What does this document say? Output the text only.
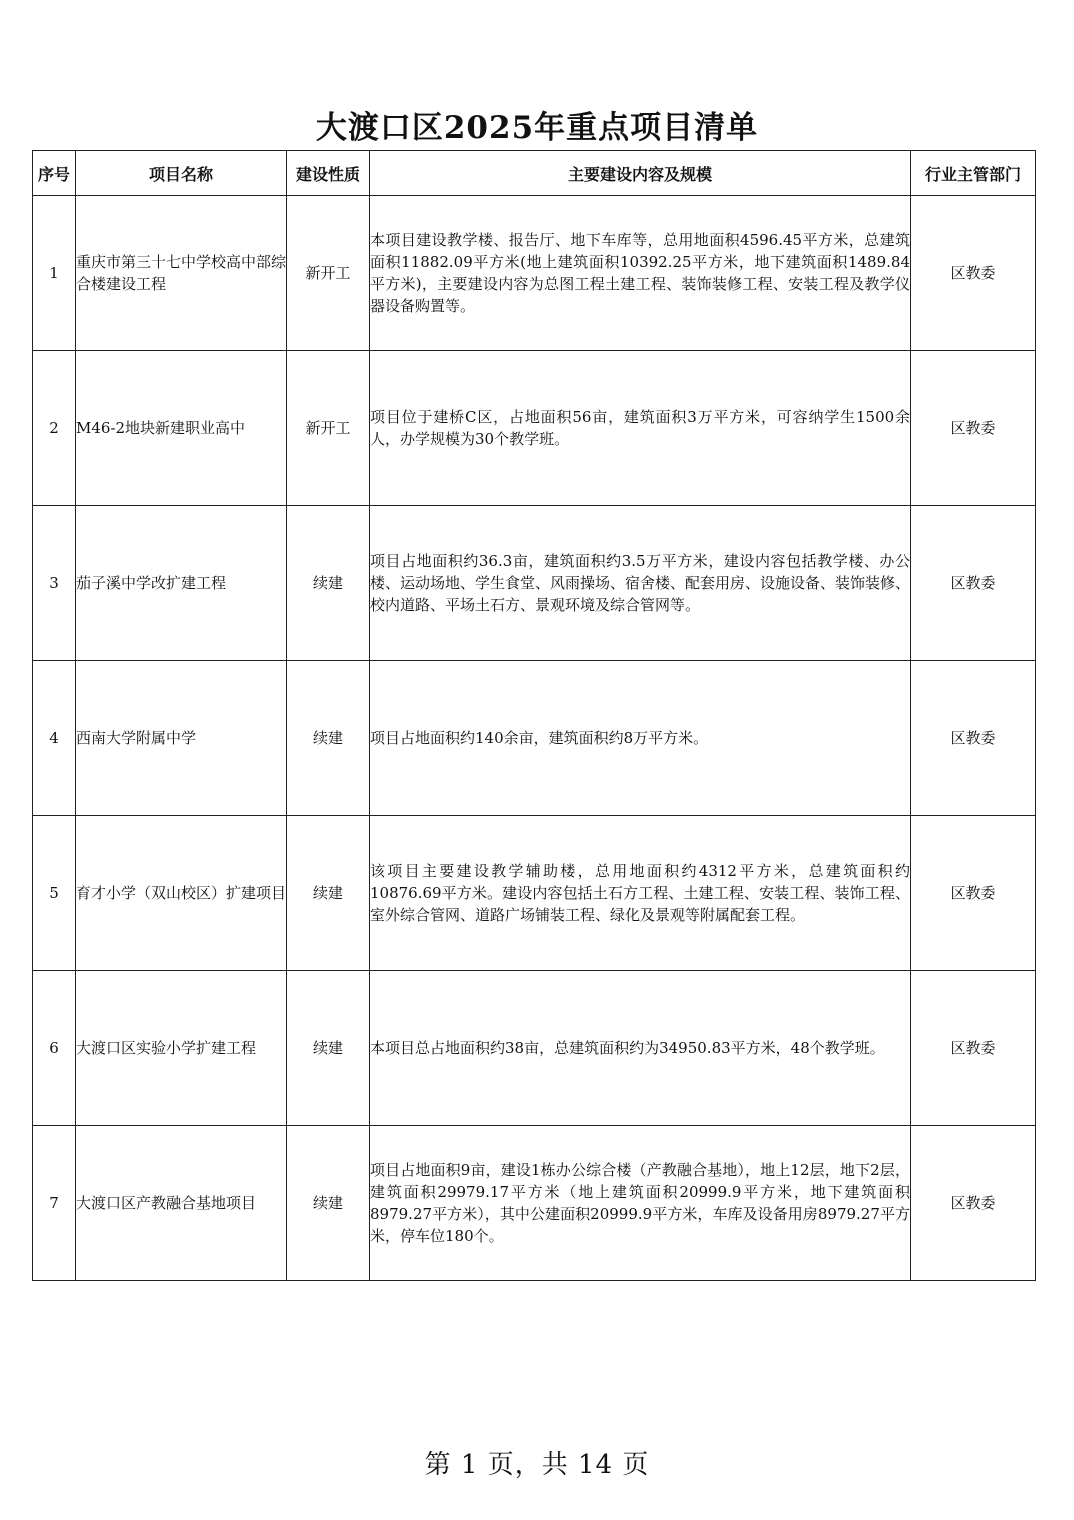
大渡口区2025年重点项目清单
序号	项目名称	建设性质	主要建设内容及规模	行业主管部门
1	重庆市第三十七中学校高中部综合楼建设工程	新开工	本项目建设教学楼、报告厅、地下车库等，总用地面积4596.45平方米，总建筑面积11882.09平方米(地上建筑面积10392.25平方米，地下建筑面积1489.84平方米)，主要建设内容为总图工程土建工程、装饰装修工程、安装工程及教学仪器设备购置等。	区教委
2	M46-2地块新建职业高中	新开工	项目位于建桥C区，占地面积56亩，建筑面积3万平方米，可容纳学生1500余人，办学规模为30个教学班。	区教委
3	茄子溪中学改扩建工程	续建	项目占地面积约36.3亩，建筑面积约3.5万平方米，建设内容包括教学楼、办公楼、运动场地、学生食堂、风雨操场、宿舍楼、配套用房、设施设备、装饰装修、校内道路、平场土石方、景观环境及综合管网等。	区教委
4	西南大学附属中学	续建	项目占地面积约140余亩，建筑面积约8万平方米。	区教委
5	育才小学（双山校区）扩建项目	续建	该项目主要建设教学辅助楼，总用地面积约4312平方米，总建筑面积约10876.69平方米。建设内容包括土石方工程、土建工程、安装工程、装饰工程、室外综合管网、道路广场铺装工程、绿化及景观等附属配套工程。	区教委
6	大渡口区实验小学扩建工程	续建	本项目总占地面积约38亩，总建筑面积约为34950.83平方米，48个教学班。	区教委
7	大渡口区产教融合基地项目	续建	项目占地面积9亩，建设1栋办公综合楼（产教融合基地），地上12层，地下2层，建筑面积29979.17平方米（地上建筑面积20999.9平方米，地下建筑面积8979.27平方米），其中公建面积20999.9平方米，车库及设备用房8979.27平方米，停车位180个。	区教委
第 1 页，共 14 页
